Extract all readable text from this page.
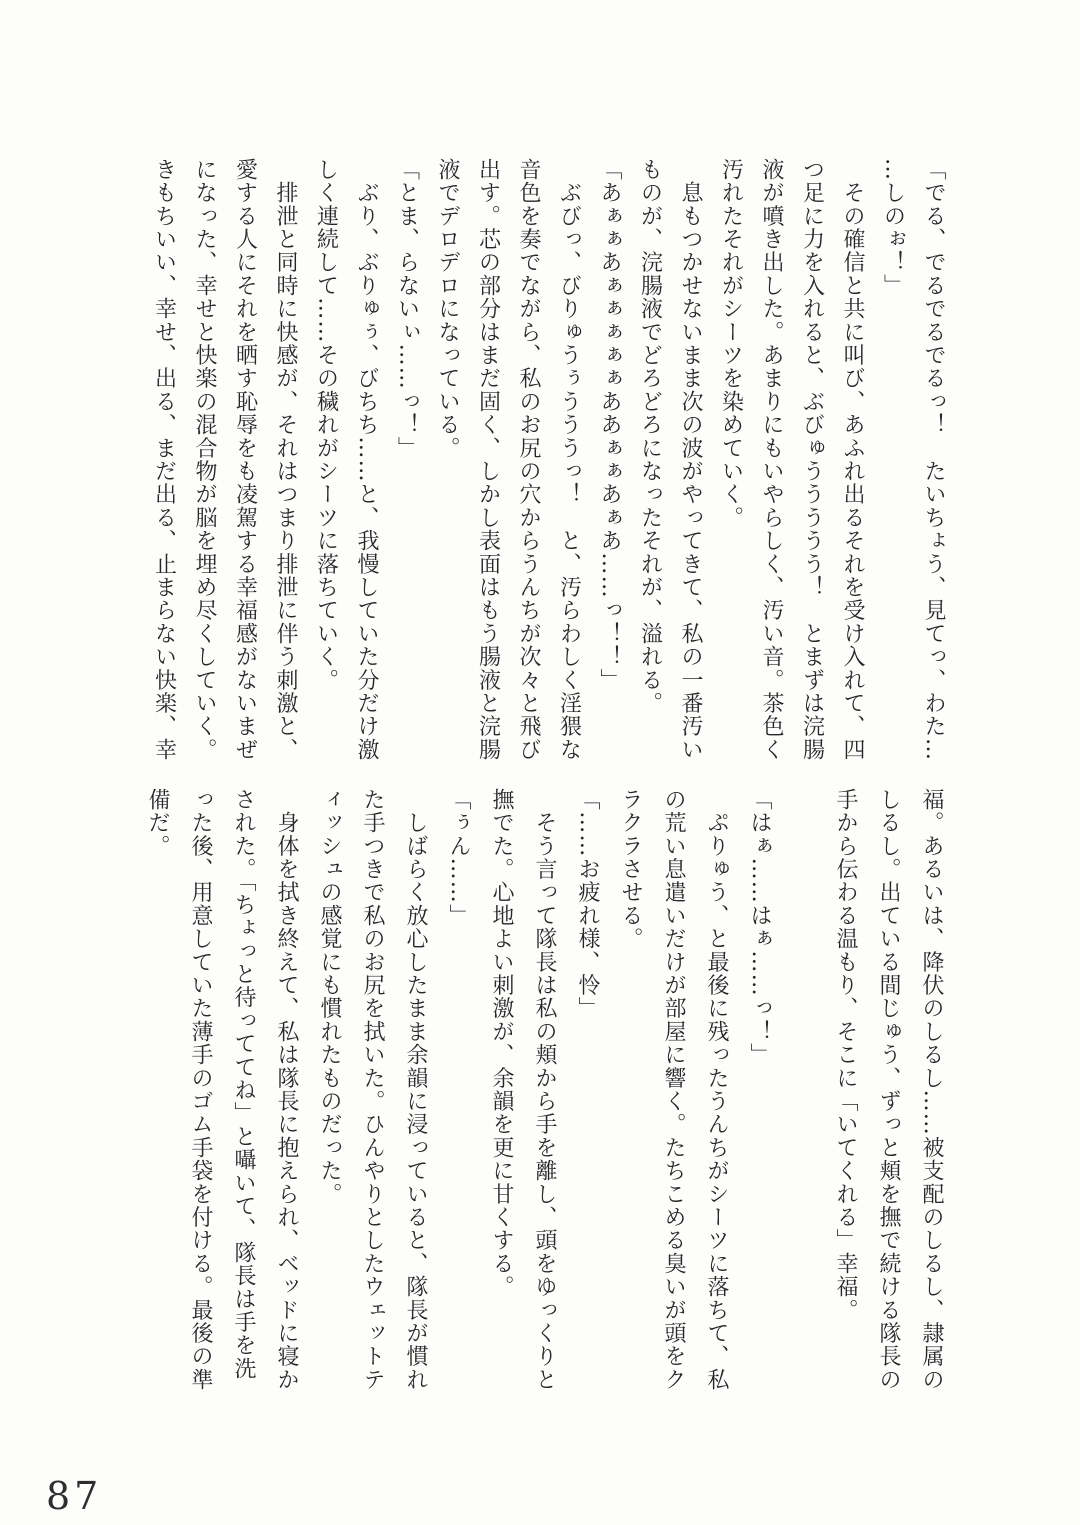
「でる、でるでるでるっ！　たいちょう、見てっ、わた…
…しのぉ！」
　その確信と共に叫び、あふれ出るそれを受け入れて、四
つ足に力を入れると、ぶびゅううううう！　とまずは浣腸
液が噴き出した。あまりにもいやらしく、汚い音。茶色く
汚れたそれがシーツを染めていく。
　息もつかせないまま次の波がやってきて、私の一番汚い
ものが、浣腸液でどろどろになったそれが、溢れる。
「あぁぁあぁぁぁぁぁああぁぁあぁあ……っ！！」
　ぶびっ、びりゅうぅうううっ！　と、汚らわしく淫猥な
音色を奏でながら、私のお尻の穴からうんちが次々と飛び
出す。芯の部分はまだ固く、しかし表面はもう腸液と浣腸
液でデロデロになっている。
「とま、らないぃ……っ！」
　ぶり、ぶりゅぅ、びちち……と、我慢していた分だけ激
しく連続して……その穢れがシーツに落ちていく。
　排泄と同時に快感が、それはつまり排泄に伴う刺激と、
愛する人にそれを晒す恥辱をも凌駕する幸福感がないまぜ
になった、幸せと快楽の混合物が脳を埋め尽くしていく。
きもちいい、幸せ、出る、まだ出る、止まらない快楽、幸
福。あるいは、降伏のしるし……被支配のしるし、隷属の
しるし。出ている間じゅう、ずっと頬を撫で続ける隊長の
手から伝わる温もり、そこに「いてくれる」幸福。

「はぁ……はぁ……っ！」
　ぷりゅう、と最後に残ったうんちがシーツに落ちて、私
の荒い息遣いだけが部屋に響く。たちこめる臭いが頭をク
ラクラさせる。
「……お疲れ様、怜」
　そう言って隊長は私の頬から手を離し、頭をゆっくりと
撫でた。心地よい刺激が、余韻を更に甘くする。
「ぅん……」
　しばらく放心したまま余韻に浸っていると、隊長が慣れ
た手つきで私のお尻を拭いた。ひんやりとしたウェットテ
ィッシュの感覚にも慣れたものだった。
　身体を拭き終えて、私は隊長に抱えられ、ベッドに寝か
された。「ちょっと待っててね」と囁いて、隊長は手を洗
った後、用意していた薄手のゴム手袋を付ける。最後の準
備だ。
87
